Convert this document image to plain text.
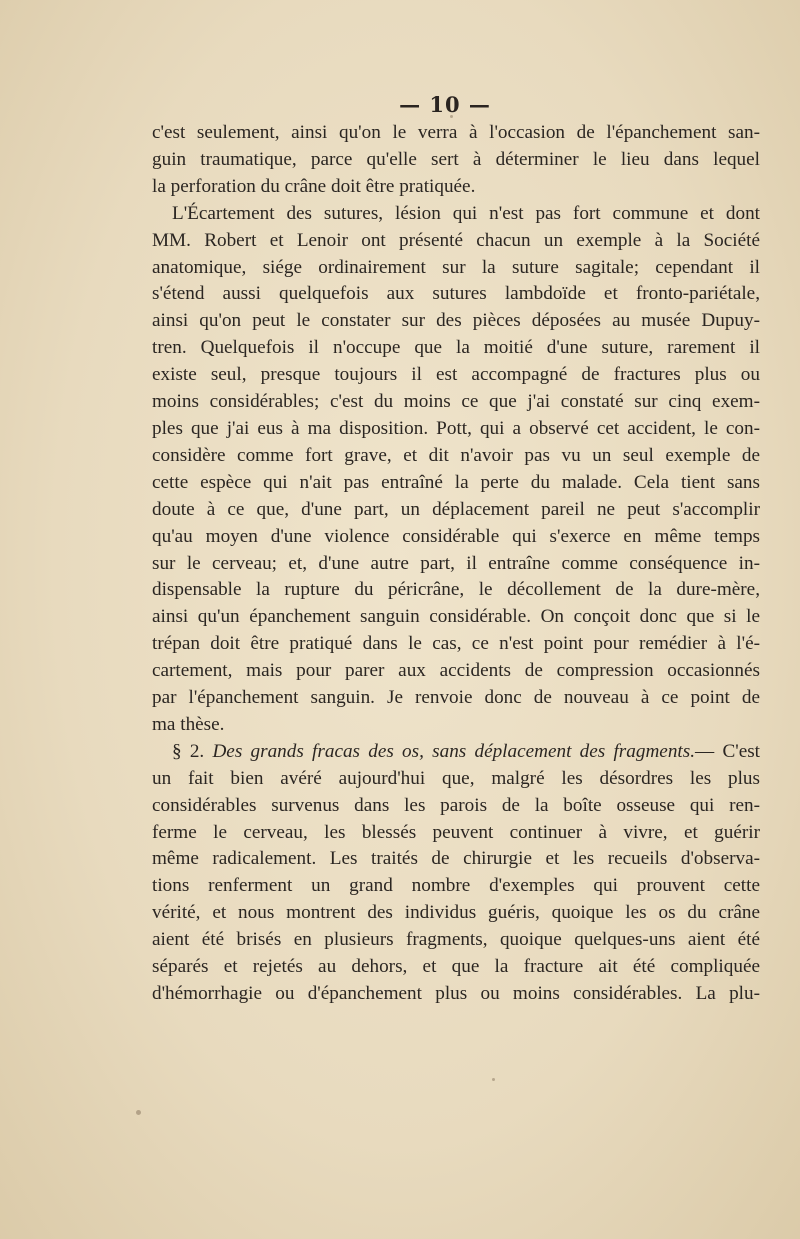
— 10 —
c'est seulement, ainsi qu'on le verra à l'occasion de l'épanchement san-
guin traumatique, parce qu'elle sert à déterminer le lieu dans lequel
la perforation du crâne doit être pratiquée.
L'Écartement des sutures, lésion qui n'est pas fort commune et dont
MM. Robert et Lenoir ont présenté chacun un exemple à la Société
anatomique, siége ordinairement sur la suture sagitale; cependant il
s'étend aussi quelquefois aux sutures lambdoïde et fronto-pariétale,
ainsi qu'on peut le constater sur des pièces déposées au musée Dupuy-
tren. Quelquefois il n'occupe que la moitié d'une suture, rarement il
existe seul, presque toujours il est accompagné de fractures plus ou
moins considérables; c'est du moins ce que j'ai constaté sur cinq exem-
ples que j'ai eus à ma disposition. Pott, qui a observé cet accident, le con-
considère comme fort grave, et dit n'avoir pas vu un seul exemple de
cette espèce qui n'ait pas entraîné la perte du malade. Cela tient sans
doute à ce que, d'une part, un déplacement pareil ne peut s'accomplir
qu'au moyen d'une violence considérable qui s'exerce en même temps
sur le cerveau; et, d'une autre part, il entraîne comme conséquence in-
dispensable la rupture du péricrâne, le décollement de la dure-mère,
ainsi qu'un épanchement sanguin considérable. On conçoit donc que si le
trépan doit être pratiqué dans le cas, ce n'est point pour remédier à l'é-
cartement, mais pour parer aux accidents de compression occasionnés
par l'épanchement sanguin. Je renvoie donc de nouveau à ce point de
ma thèse.
§ 2. Des grands fracas des os, sans déplacement des fragments.— C'est
un fait bien avéré aujourd'hui que, malgré les désordres les plus
considérables survenus dans les parois de la boîte osseuse qui ren-
ferme le cerveau, les blessés peuvent continuer à vivre, et guérir
même radicalement. Les traités de chirurgie et les recueils d'observa-
tions renferment un grand nombre d'exemples qui prouvent cette
vérité, et nous montrent des individus guéris, quoique les os du crâne
aient été brisés en plusieurs fragments, quoique quelques-uns aient été
séparés et rejetés au dehors, et que la fracture ait été compliquée
d'hémorrhagie ou d'épanchement plus ou moins considérables. La plu-
